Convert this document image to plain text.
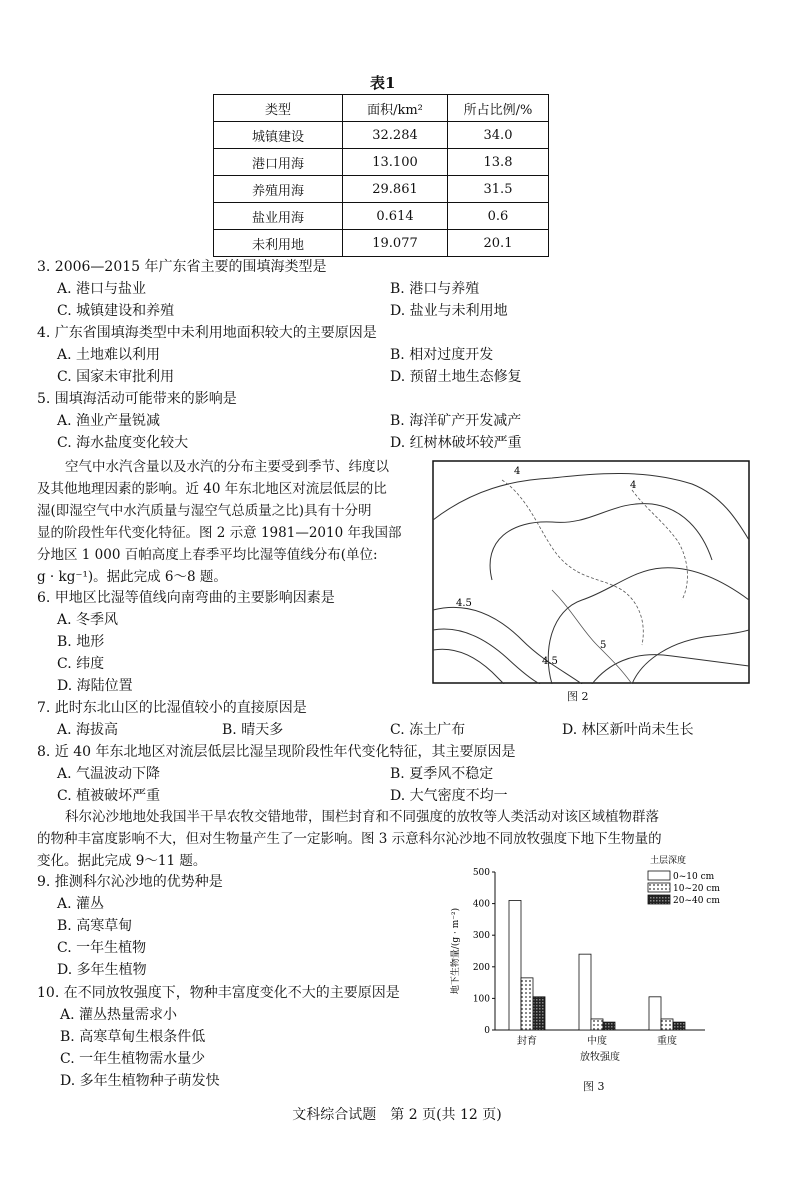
表1
类型	面积/km²	所占比例/%
城镇建设	32.284	34.0
港口用海	13.100	13.8
养殖用海	29.861	31.5
盐业用海	0.614	0.6
未利用地	19.077	20.1
3. 2006—2015 年广东省主要的围填海类型是
A. 港口与盐业	B. 港口与养殖
C. 城镇建设和养殖	D. 盐业与未利用地
4. 广东省围填海类型中未利用地面积较大的主要原因是
A. 土地难以利用	B. 相对过度开发
C. 国家未审批利用	D. 预留土地生态修复
5. 围填海活动可能带来的影响是
A. 渔业产量锐减	B. 海洋矿产开发减产
C. 海水盐度变化较大	D. 红树林破坏较严重
空气中水汽含量以及水汽的分布主要受到季节、纬度以
及其他地理因素的影响。近 40 年东北地区对流层低层的比
湿(即湿空气中水汽质量与湿空气总质量之比)具有十分明
显的阶段性年代变化特征。图 2 示意 1981—2010 年我国部
分地区 1 000 百帕高度上春季平均比湿等值线分布(单位:
g · kg⁻¹)。据此完成 6～8 题。
4
4
4.5
4.5
5
图 2
6. 甲地区比湿等值线向南弯曲的主要影响因素是
A. 冬季风
B. 地形
C. 纬度
D. 海陆位置
7. 此时东北山区的比湿值较小的直接原因是
A. 海拔高	B. 晴天多	C. 冻土广布	D. 林区新叶尚未生长
8. 近 40 年东北地区对流层低层比湿呈现阶段性年代变化特征，其主要原因是
A. 气温波动下降	B. 夏季风不稳定
C. 植被破坏严重	D. 大气密度不均一
科尔沁沙地地处我国半干旱农牧交错地带，围栏封育和不同强度的放牧等人类活动对该区域植物群落
的物种丰富度影响不大，但对生物量产生了一定影响。图 3 示意科尔沁沙地不同放牧强度下地下生物量的
变化。据此完成 9～11 题。
9. 推测科尔沁沙地的优势种是
A. 灌丛
B. 高寒草甸
C. 一年生植物
D. 多年生植物
10. 在不同放牧强度下，物种丰富度变化不大的主要原因是
A. 灌丛热量需求小
B. 高寒草甸生根条件低
C. 一年生植物需水量少
D. 多年生植物种子萌发快
0
100
200
300
400
500
地下生物量/(g · m⁻²)
封育	中度	重度
放牧强度
土层深度
0~10 cm
10~20 cm
20~40 cm
图 3
文科综合试题　第 2 页(共 12 页)
